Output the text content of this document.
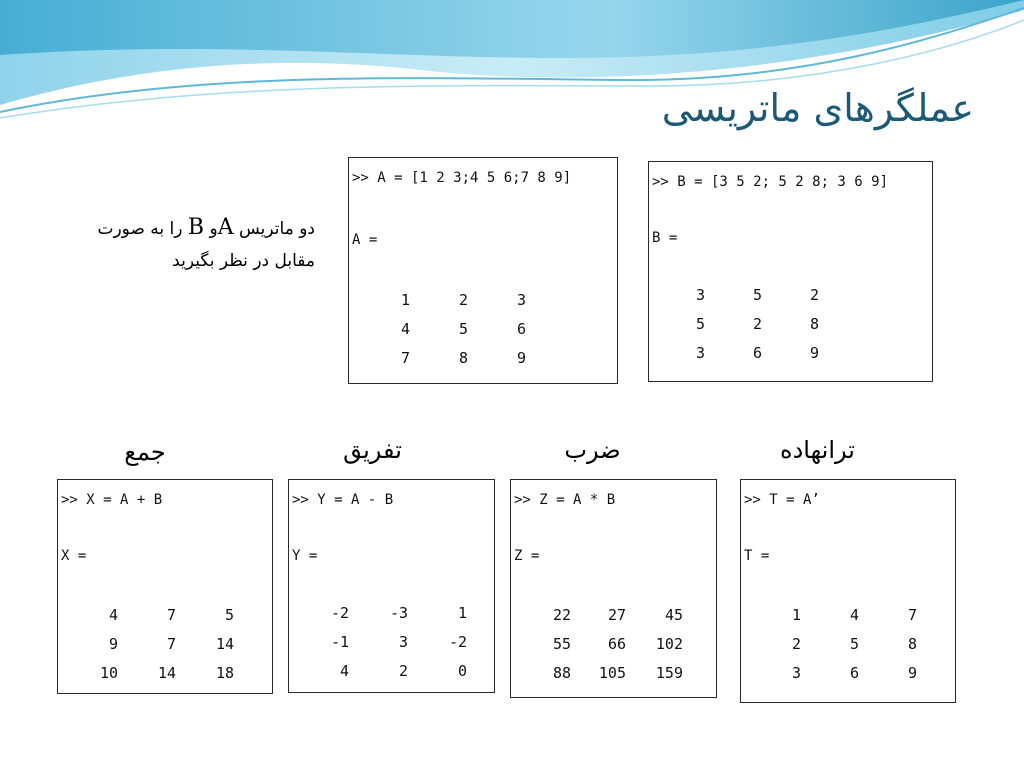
عملگرهای ماتریسی
دو ماتریس Aو B را به صورت
مقابل در نظر بگیرید
>> A = [1 2 3;4 5 6;7 8 9]
A =
1	2	3
4	5	6
7	8	9
>> B = [3 5 2; 5 2 8; 3 6 9]
B =
3	5	2
5	2	8
3	6	9
جمع	تفریق	ضرب	ترانهاده
>> X = A + B
X =
4	7	5
9	7	14
10	14	18
>> Y = A - B
Y =
-2	-3	1
-1	3	-2
4	2	0
>> Z = A * B
Z =
22	27	45
55	66	102
88	105	159
>> T = A’
T =
1	4	7
2	5	8
3	6	9
